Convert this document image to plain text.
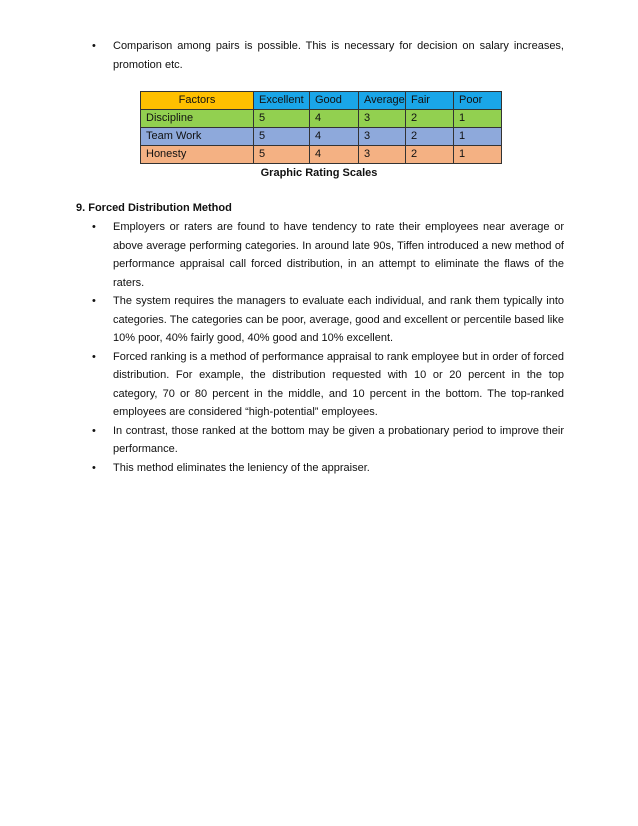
• Comparison among pairs is possible. This is necessary for decision on salary increases, promotion etc.
Factors	Excellent	Good	Average	Fair	Poor
Discipline	5	4	3	2	1
Team Work	5	4	3	2	1
Honesty	5	4	3	2	1
Graphic Rating Scales
9. Forced Distribution Method
• Employers or raters are found to have tendency to rate their employees near average or above average performing categories. In around late 90s, Tiffen introduced a new method of performance appraisal call forced distribution, in an attempt to eliminate the flaws of the raters.
• The system requires the managers to evaluate each individual, and rank them typically into categories. The categories can be poor, average, good and excellent or percentile based like 10% poor, 40% fairly good, 40% good and 10% excellent.
• Forced ranking is a method of performance appraisal to rank employee but in order of forced distribution. For example, the distribution requested with 10 or 20 percent in the top category, 70 or 80 percent in the middle, and 10 percent in the bottom. The top-ranked employees are considered “high-potential” employees.
• In contrast, those ranked at the bottom may be given a probationary period to improve their performance.
• This method eliminates the leniency of the appraiser.
